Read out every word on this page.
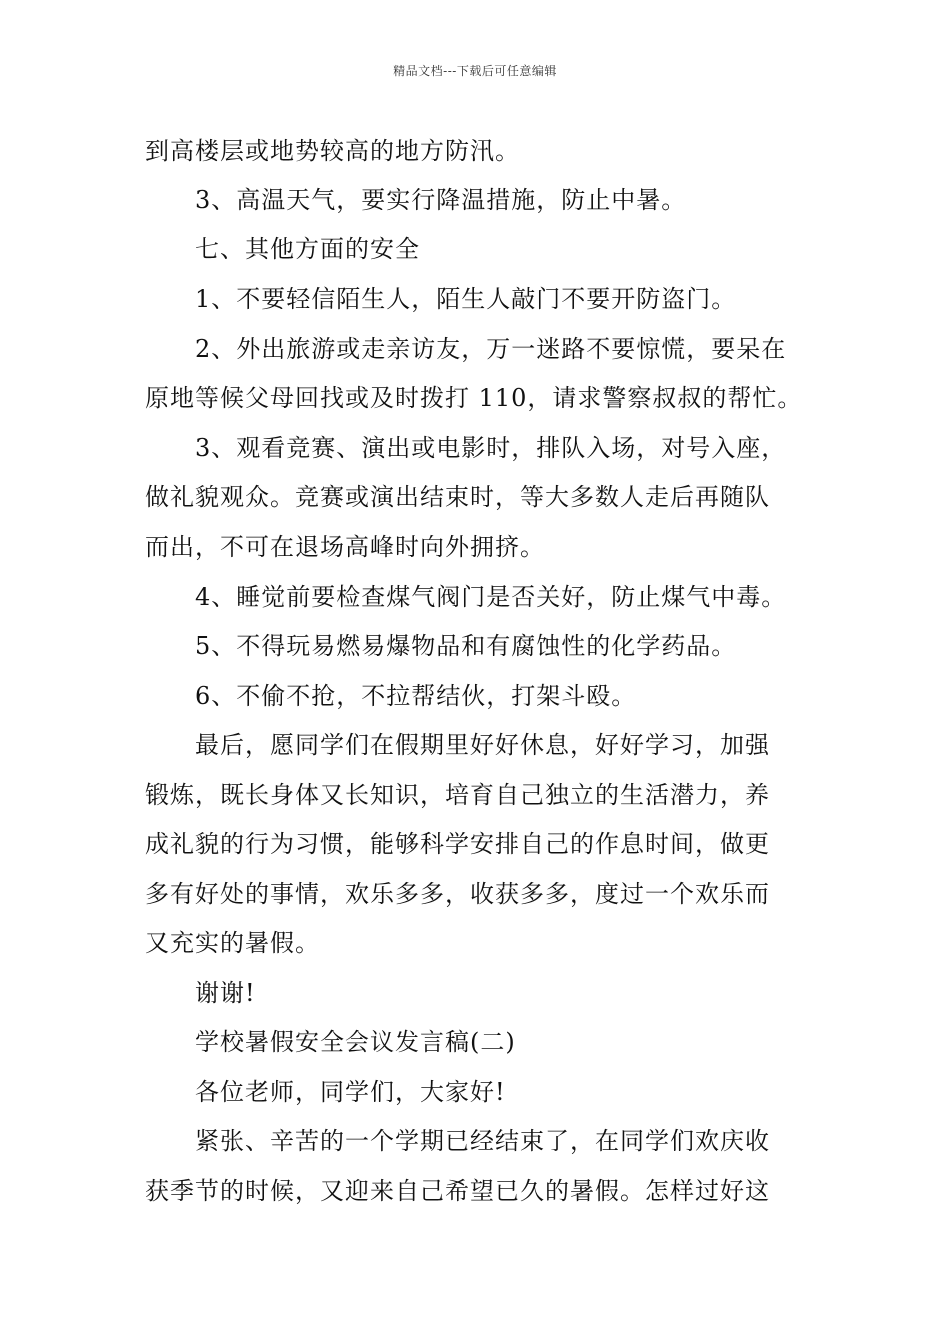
精品文档---下载后可任意编辑
到高楼层或地势较高的地方防汛。
3、高温天气，要实行降温措施，防止中暑。
七、其他方面的安全
1、不要轻信陌生人，陌生人敲门不要开防盗门。
2、外出旅游或走亲访友，万一迷路不要惊慌，要呆在
原地等候父母回找或及时拨打 110，请求警察叔叔的帮忙。
3、观看竞赛、演出或电影时，排队入场，对号入座，
做礼貌观众。竞赛或演出结束时，等大多数人走后再随队
而出，不可在退场高峰时向外拥挤。
4、睡觉前要检查煤气阀门是否关好，防止煤气中毒。
5、不得玩易燃易爆物品和有腐蚀性的化学药品。
6、不偷不抢，不拉帮结伙，打架斗殴。
最后，愿同学们在假期里好好休息，好好学习，加强
锻炼，既长身体又长知识，培育自己独立的生活潜力，养
成礼貌的行为习惯，能够科学安排自己的作息时间，做更
多有好处的事情，欢乐多多，收获多多，度过一个欢乐而
又充实的暑假。
谢谢!
学校暑假安全会议发言稿(二)
各位老师，同学们，大家好!
紧张、辛苦的一个学期已经结束了，在同学们欢庆收
获季节的时候，又迎来自己希望已久的暑假。怎样过好这
